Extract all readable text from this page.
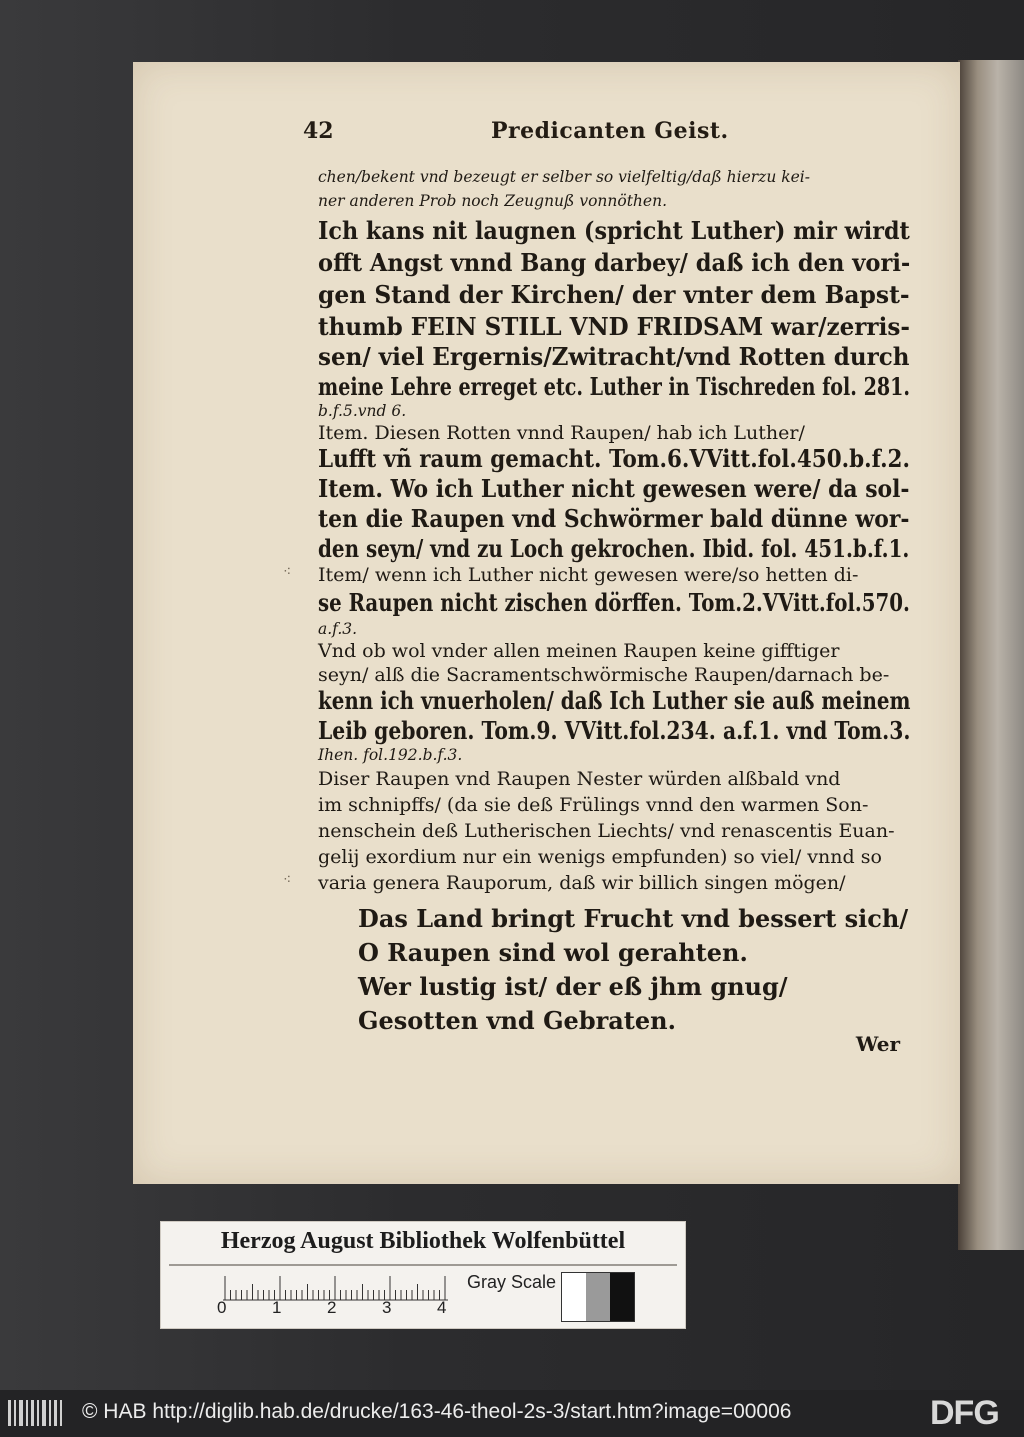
42	Predicanten Geist.
chen/bekent vnd bezeugt er selber so vielfeltig/daß hierzu kei-
ner anderen Prob noch Zeugnuß vonnöthen.
Ich kans nit laugnen (spricht Luther) mir wirdt
offt Angst vnnd Bang darbey/ daß ich den vori-
gen Stand der Kirchen/ der vnter dem Bapst-
thumb FEIN STILL VND FRIDSAM war/zerris-
sen/ viel Ergernis/Zwitracht/vnd Rotten durch
meine Lehre erreget etc. Luther in Tischreden fol. 281.
b.f.5.vnd 6.
Item. Diesen Rotten vnnd Raupen/ hab ich Luther/
Lufft vñ raum gemacht. Tom.6.VVitt.fol.450.b.f.2.
Item. Wo ich Luther nicht gewesen were/ da sol-
ten die Raupen vnd Schwörmer bald dünne wor-
den seyn/ vnd zu Loch gekrochen. Ibid. fol. 451.b.f.1.
Item/ wenn ich Luther nicht gewesen were/so hetten di-
se Raupen nicht zischen dörffen. Tom.2.VVitt.fol.570.
a.f.3.
Vnd ob wol vnder allen meinen Raupen keine gifftiger
seyn/ alß die Sacramentschwörmische Raupen/darnach be-
kenn ich vnuerholen/ daß Ich Luther sie auß meinem
Leib geboren. Tom.9. VVitt.fol.234. a.f.1. vnd Tom.3.
Ihen. fol.192.b.f.3.
Diser Raupen vnd Raupen Nester würden alßbald vnd
im schnipffs/ (da sie deß Frülings vnnd den warmen Son-
nenschein deß Lutherischen Liechts/ vnd renascentis Euan-
gelij exordium nur ein wenigs empfunden) so viel/ vnnd so
varia genera Rauporum, daß wir billich singen mögen/
Das Land bringt Frucht vnd bessert sich/
O Raupen sind wol gerahten.
Wer lustig ist/ der eß jhm gnug/
Gesotten vnd Gebraten.
⁖
⁖
Wer
Herzog August Bibliothek Wolfenbüttel
0	1	2	3	4
Gray Scale
© HAB http://diglib.hab.de/drucke/163-46-theol-2s-3/start.htm?image=00006	DFG
